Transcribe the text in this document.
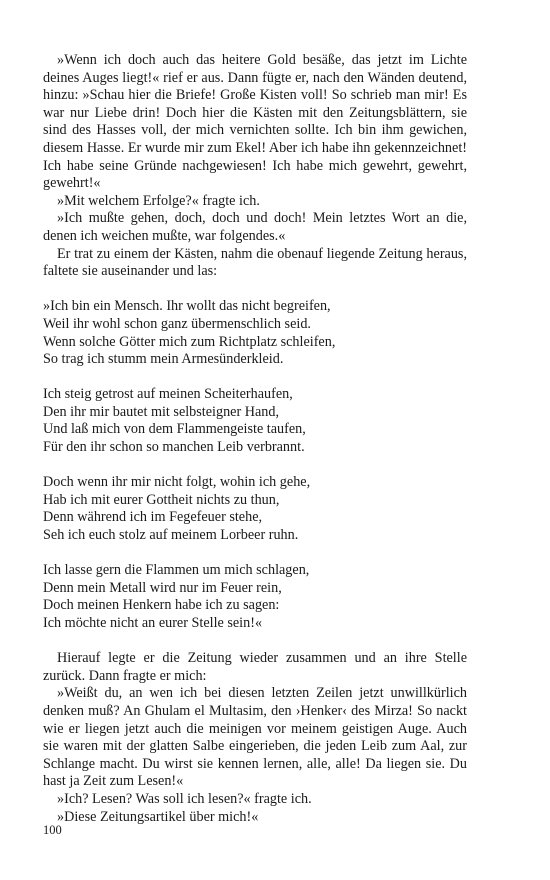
»Wenn ich doch auch das heitere Gold besäße, das jetzt im Lichte deines Auges liegt!« rief er aus. Dann fügte er, nach den Wänden deutend, hinzu: »Schau hier die Briefe! Große Kisten voll! So schrieb man mir! Es war nur Liebe drin! Doch hier die Kästen mit den Zeitungsblättern, sie sind des Hasses voll, der mich vernichten sollte. Ich bin ihm gewichen, diesem Hasse. Er wurde mir zum Ekel! Aber ich habe ihn gekennzeichnet! Ich habe seine Gründe nachgewiesen! Ich habe mich gewehrt, gewehrt, gewehrt!«

»Mit welchem Erfolge?« fragte ich.

»Ich mußte gehen, doch, doch und doch! Mein letztes Wort an die, denen ich weichen mußte, war folgendes.«

Er trat zu einem der Kästen, nahm die obenauf liegende Zeitung heraus, faltete sie auseinander und las:

»Ich bin ein Mensch. Ihr wollt das nicht begreifen,
Weil ihr wohl schon ganz übermenschlich seid.
Wenn solche Götter mich zum Richtplatz schleifen,
So trag ich stumm mein Armesünderkleid.

Ich steig getrost auf meinen Scheiterhaufen,
Den ihr mir bautet mit selbsteigner Hand,
Und laß mich von dem Flammengeiste taufen,
Für den ihr schon so manchen Leib verbrannt.

Doch wenn ihr mir nicht folgt, wohin ich gehe,
Hab ich mit eurer Gottheit nichts zu thun,
Denn während ich im Fegefeuer stehe,
Seh ich euch stolz auf meinem Lorbeer ruhn.

Ich lasse gern die Flammen um mich schlagen,
Denn mein Metall wird nur im Feuer rein,
Doch meinen Henkern habe ich zu sagen:
Ich möchte nicht an eurer Stelle sein!«

Hierauf legte er die Zeitung wieder zusammen und an ihre Stelle zurück. Dann fragte er mich:

»Weißt du, an wen ich bei diesen letzten Zeilen jetzt unwillkürlich denken muß? An Ghulam el Multasim, den ›Henker‹ des Mirza! So nackt wie er liegen jetzt auch die meinigen vor meinem geistigen Auge. Auch sie waren mit der glatten Salbe eingerieben, die jeden Leib zum Aal, zur Schlange macht. Du wirst sie kennen lernen, alle, alle! Da liegen sie. Du hast ja Zeit zum Lesen!«

»Ich? Lesen? Was soll ich lesen?« fragte ich.

»Diese Zeitungsartikel über mich!«

100
